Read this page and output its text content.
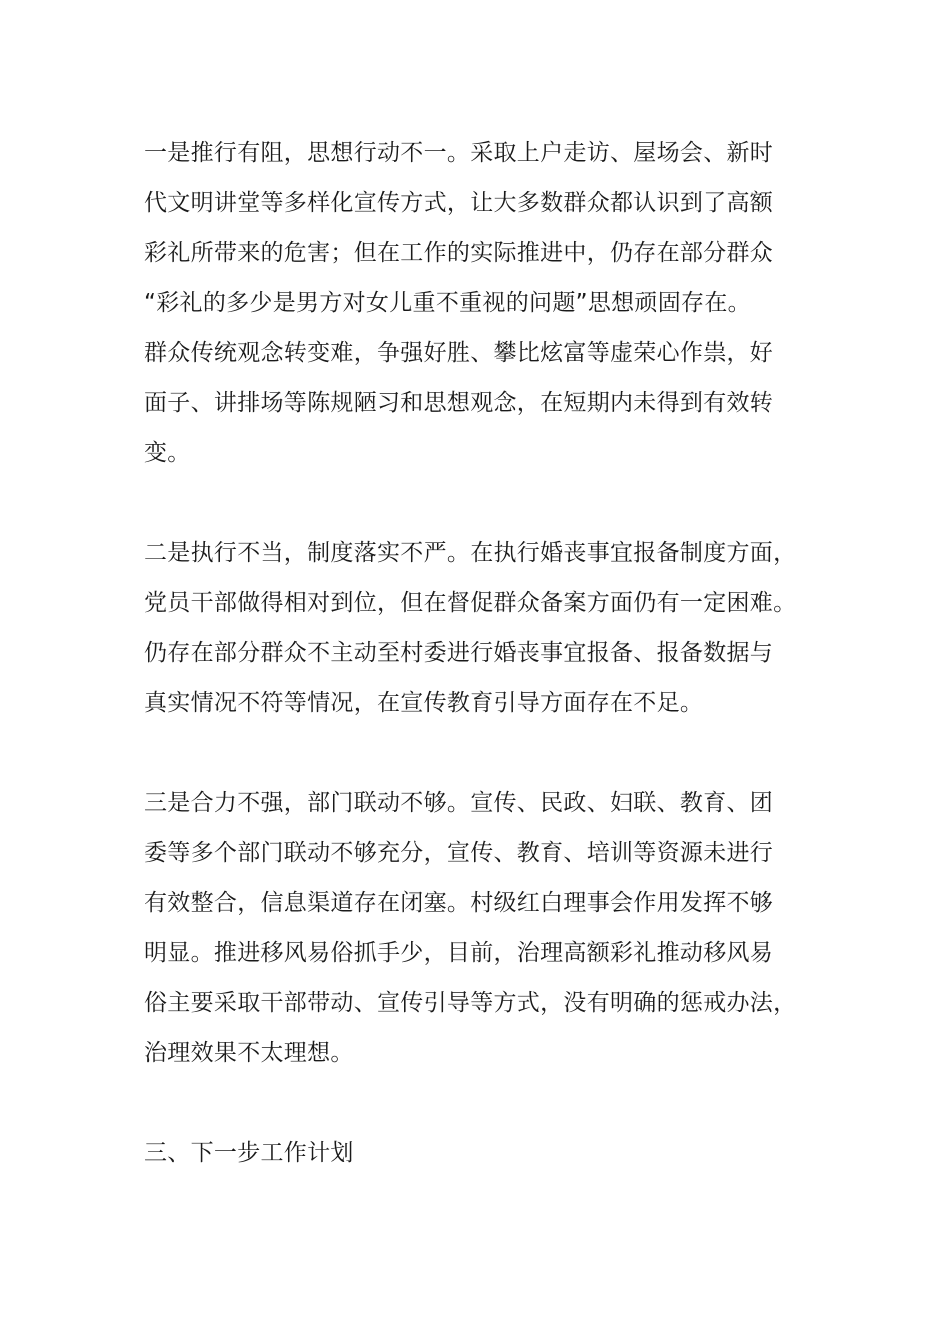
一是推行有阻，思想行动不一。采取上户走访、屋场会、新时
代文明讲堂等多样化宣传方式，让大多数群众都认识到了高额
彩礼所带来的危害；但在工作的实际推进中，仍存在部分群众
“彩礼的多少是男方对女儿重不重视的问题”思想顽固存在。
群众传统观念转变难，争强好胜、攀比炫富等虚荣心作祟，好
面子、讲排场等陈规陋习和思想观念，在短期内未得到有效转
变。

二是执行不当，制度落实不严。在执行婚丧事宜报备制度方面，
党员干部做得相对到位，但在督促群众备案方面仍有一定困难。
仍存在部分群众不主动至村委进行婚丧事宜报备、报备数据与
真实情况不符等情况，在宣传教育引导方面存在不足。

三是合力不强，部门联动不够。宣传、民政、妇联、教育、团
委等多个部门联动不够充分，宣传、教育、培训等资源未进行
有效整合，信息渠道存在闭塞。村级红白理事会作用发挥不够
明显。推进移风易俗抓手少，目前，治理高额彩礼推动移风易
俗主要采取干部带动、宣传引导等方式，没有明确的惩戒办法，
治理效果不太理想。

三、下一步工作计划
